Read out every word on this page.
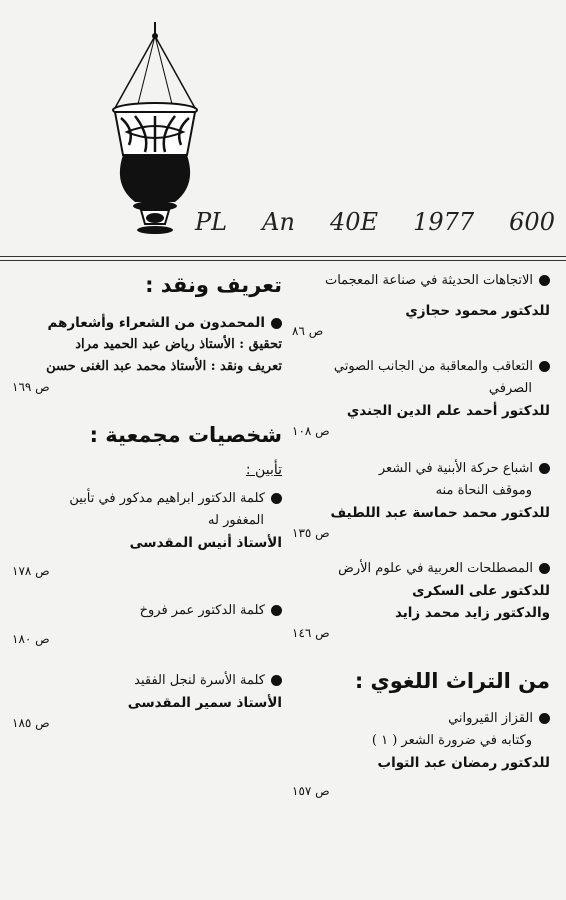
PL An 40E 1977 600
الاتجاهات الحديثة في صناعة المعجمات
للدكتور محمود حجازي
ص ٨٦
التعاقب والمعاقبة من الجانب الصوتي
الصرفي
للدكتور أحمد علم الدين الجندي
ص ١٠٨
اشباع حركة الأبنية في الشعر
وموقف النحاة منه
للدكتور محمد حماسة عبد اللطيف
ص ١٣٥
المصطلحات العربية في علوم الأرض
للدكتور على السكرى
والدكتور زايد محمد زايد
ص ١٤٦
من التراث اللغوي :
القزاز القيرواني
وكتابه في ضرورة الشعر ( ١ )
للدكتور رمضان عبد التواب
ص ١٥٧
تعريف ونقد :
المحمدون من الشعراء وأشعارهم
تحقيق : الأستاذ رياض عبد الحميد مراد
تعريف ونقد : الأستاذ محمد عبد الغنى حسن
ص ١٦٩
شخصيات مجمعية :
تأبين :
كلمة الدكتور ابراهيم مدكور في تأبين
المغفور له
الأستاذ أنيس المقدسى
ص ١٧٨
كلمة الدكتور عمر فروخ
ص ١٨٠
كلمة الأسرة لنجل الفقيد
الأستاذ سمير المقدسى
ص ١٨٥
